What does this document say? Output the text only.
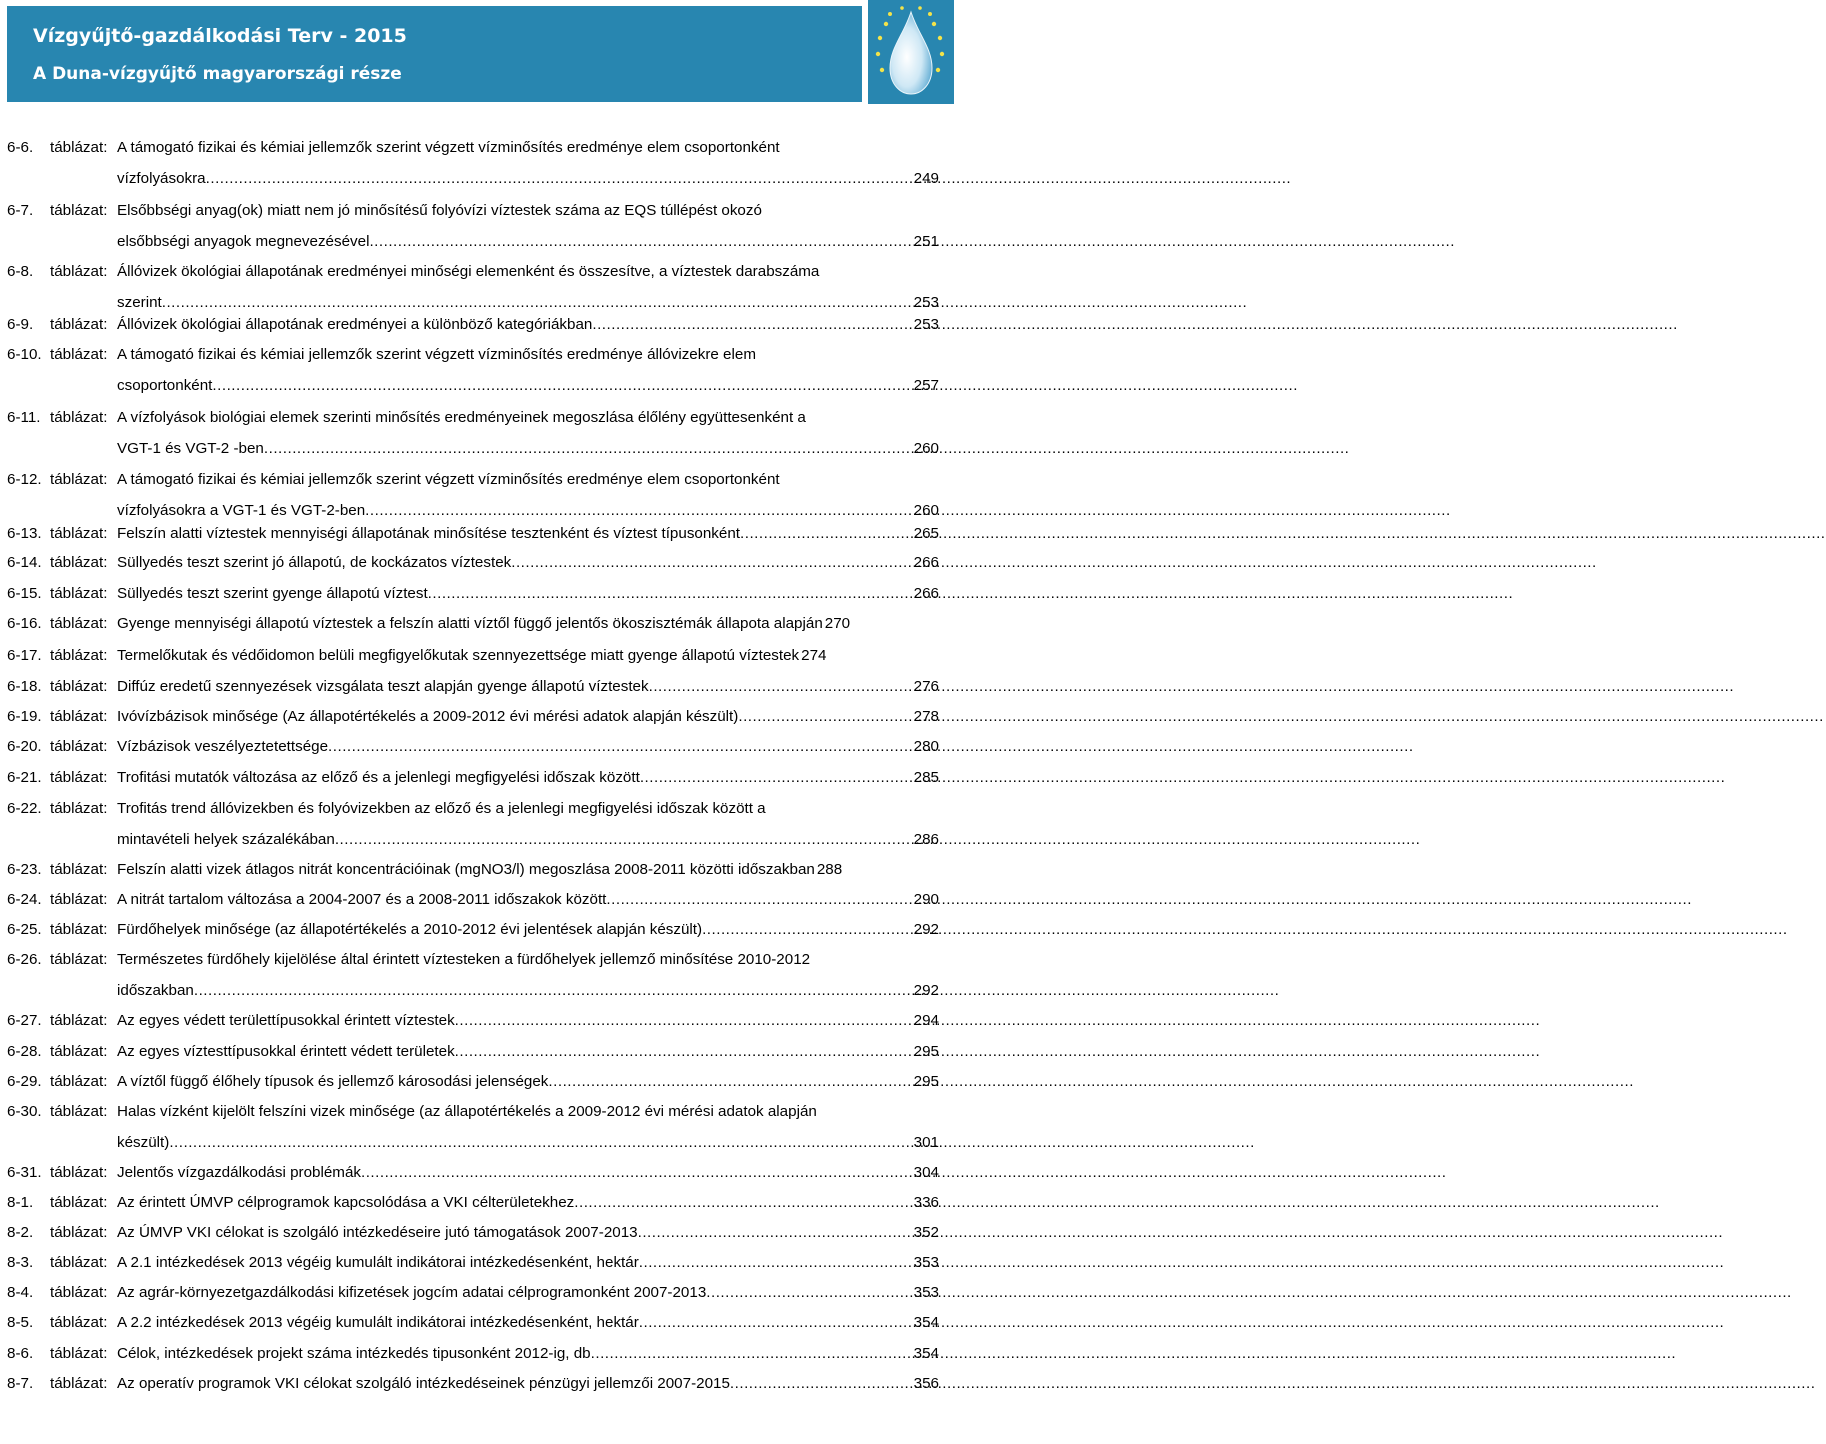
Vízgyűjtő-gazdálkodási Terv - 2015
A Duna-vízgyűjtő magyarországi része
6-6.	táblázat: A támogató fizikai és kémiai jellemzők szerint végzett vízminősítés eredménye elem csoportonként
vízfolyásokra .....	249
6-7.	táblázat: Elsőbbségi anyag(ok) miatt nem jó minősítésű folyóvízi víztestek száma az EQS túllépést okozó
elsőbbségi anyagok megnevezésével .....	251
6-8.	táblázat: Állóvizek ökológiai állapotának eredményei minőségi elemenként és összesítve, a víztestek darabszáma
szerint .....	253
6-9.	táblázat: Állóvizek ökológiai állapotának eredményei a különböző kategóriákban .....	253
6-10. táblázat: A támogató fizikai és kémiai jellemzők szerint végzett vízminősítés eredménye állóvizekre elem
csoportonként .....	257
6-11. táblázat: A vízfolyások biológiai elemek szerinti minősítés eredményeinek megoszlása élőlény együttesenként a
VGT-1 és VGT-2 -ben .....	260
6-12. táblázat: A támogató fizikai és kémiai jellemzők szerint végzett vízminősítés eredménye elem csoportonként
vízfolyásokra a VGT-1 és VGT-2-ben .....	260
6-13. táblázat: Felszín alatti víztestek mennyiségi állapotának minősítése tesztenként és víztest típusonként .....	265
6-14. táblázat: Süllyedés teszt szerint jó állapotú, de kockázatos víztestek .....	266
6-15. táblázat: Süllyedés teszt szerint gyenge állapotú víztest .....	266
6-16. táblázat: Gyenge mennyiségi állapotú víztestek a felszín alatti víztől függő jelentős ökoszisztémák állapota alapján 270
6-17. táblázat: Termelőkutak és védőidomon belüli megfigyelőkutak szennyezettsége miatt gyenge állapotú víztestek 274
6-18. táblázat: Diffúz eredetű szennyezések vizsgálata teszt alapján gyenge állapotú víztestek .....	276
6-19. táblázat: Ivóvízbázisok minősége (Az állapotértékelés a 2009-2012 évi mérési adatok alapján készült) .....	278
6-20. táblázat: Vízbázisok veszélyeztetettsége .....	280
6-21. táblázat: Trofitási mutatók változása az előző és a jelenlegi megfigyelési időszak között .....	285
6-22. táblázat: Trofitás trend állóvizekben és folyóvizekben az előző és a jelenlegi megfigyelési időszak között a
mintavételi helyek százalékában .....	286
6-23. táblázat: Felszín alatti vizek átlagos nitrát koncentrációinak (mgNO3/l) megoszlása 2008-2011 közötti időszakban 288
6-24. táblázat: A nitrát tartalom változása a 2004-2007 és a 2008-2011 időszakok között .....	290
6-25. táblázat: Fürdőhelyek minősége (az állapotértékelés a 2010-2012 évi jelentések alapján készült) .....	292
6-26. táblázat: Természetes fürdőhely kijelölése által érintett víztesteken a fürdőhelyek jellemző minősítése 2010-2012
időszakban .....	292
6-27. táblázat: Az egyes védett területtípusokkal érintett víztestek .....	294
6-28. táblázat: Az egyes víztesttípusokkal érintett védett területek .....	295
6-29. táblázat: A víztől függő élőhely típusok és jellemző károsodási jelenségek .....	295
6-30. táblázat: Halas vízként kijelölt felszíni vizek minősége (az állapotértékelés a 2009-2012 évi mérési adatok alapján
készült) .....	301
6-31. táblázat: Jelentős vízgazdálkodási problémák .....	304
8-1.	táblázat: Az érintett ÚMVP célprogramok kapcsolódása a VKI célterületekhez .....	336
8-2.	táblázat: Az ÚMVP VKI célokat is szolgáló intézkedéseire jutó támogatások 2007-2013 .....	352
8-3.	táblázat: A 2.1 intézkedések 2013 végéig kumulált indikátorai intézkedésenként, hektár .....	353
8-4.	táblázat: Az agrár-környezetgazdálkodási kifizetések jogcím adatai célprogramonként 2007-2013 .....	353
8-5.	táblázat: A 2.2 intézkedések 2013 végéig kumulált indikátorai intézkedésenként, hektár .....	354
8-6.	táblázat: Célok, intézkedések projekt száma intézkedés tipusonként 2012-ig, db .....	354
8-7.	táblázat: Az operatív programok VKI célokat szolgáló intézkedéseinek pénzügyi jellemzői 2007-2015 .....	356
